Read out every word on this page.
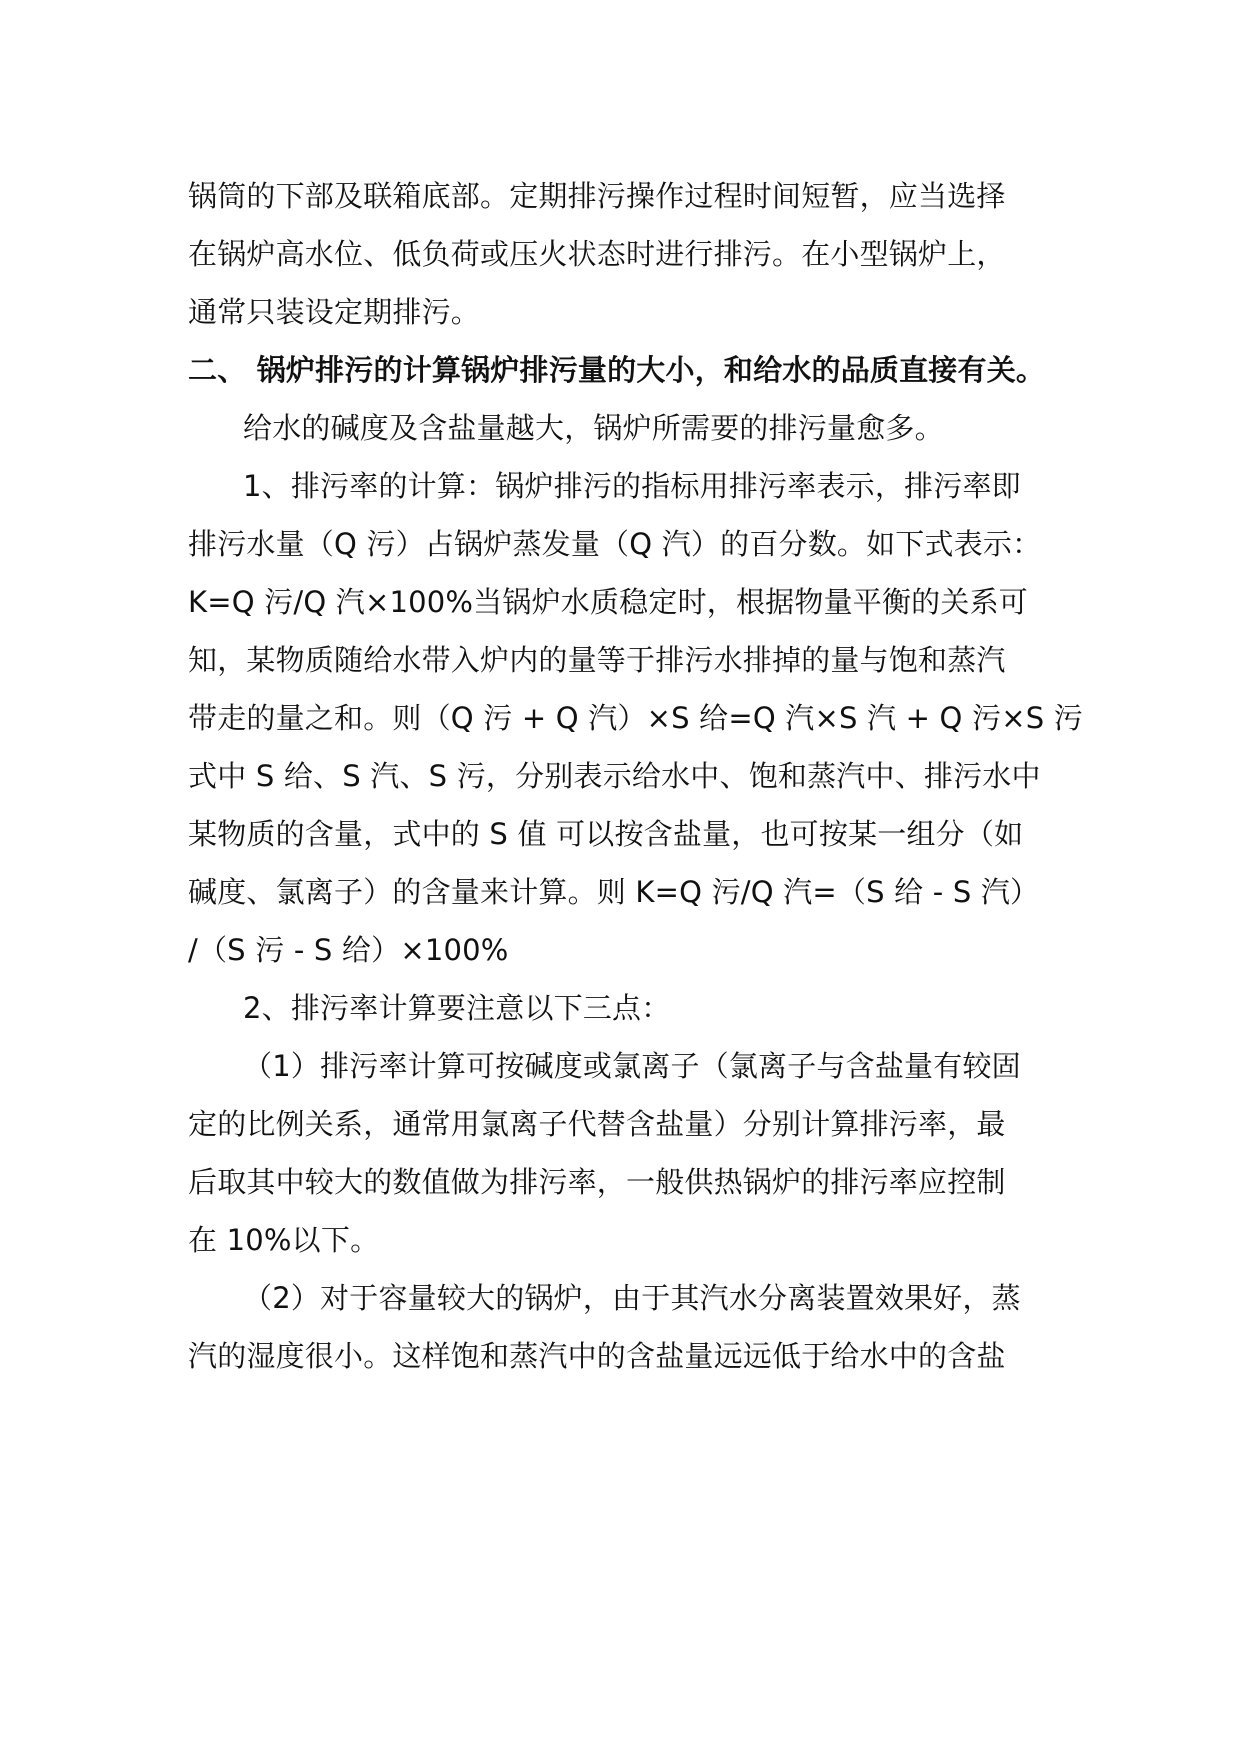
锅筒的下部及联箱底部。定期排污操作过程时间短暂，应当选择
在锅炉高水位、低负荷或压火状态时进行排污。在小型锅炉上，
通常只装设定期排污。
二、 锅炉排污的计算锅炉排污量的大小，和给水的品质直接有关。
给水的碱度及含盐量越大，锅炉所需要的排污量愈多。
1、排污率的计算：锅炉排污的指标用排污率表示，排污率即
排污水量（Q 污）占锅炉蒸发量（Q 汽）的百分数。如下式表示：
K=Q 污/Q 汽×100%当锅炉水质稳定时，根据物量平衡的关系可
知，某物质随给水带入炉内的量等于排污水排掉的量与饱和蒸汽
带走的量之和。则（Q 污 + Q 汽）×S 给=Q 汽×S 汽 + Q 污×S 污
式中 S 给、S 汽、S 污，分别表示给水中、饱和蒸汽中、排污水中
某物质的含量，式中的 S 值 可以按含盐量，也可按某一组分（如
碱度、氯离子）的含量来计算。则 K=Q 污/Q 汽=（S 给 - S 汽）
/（S 污 - S 给）×100%
2、排污率计算要注意以下三点：
（1）排污率计算可按碱度或氯离子（氯离子与含盐量有较固
定的比例关系，通常用氯离子代替含盐量）分别计算排污率，最
后取其中较大的数值做为排污率，一般供热锅炉的排污率应控制
在 10%以下。
（2）对于容量较大的锅炉，由于其汽水分离装置效果好，蒸
汽的湿度很小。这样饱和蒸汽中的含盐量远远低于给水中的含盐
